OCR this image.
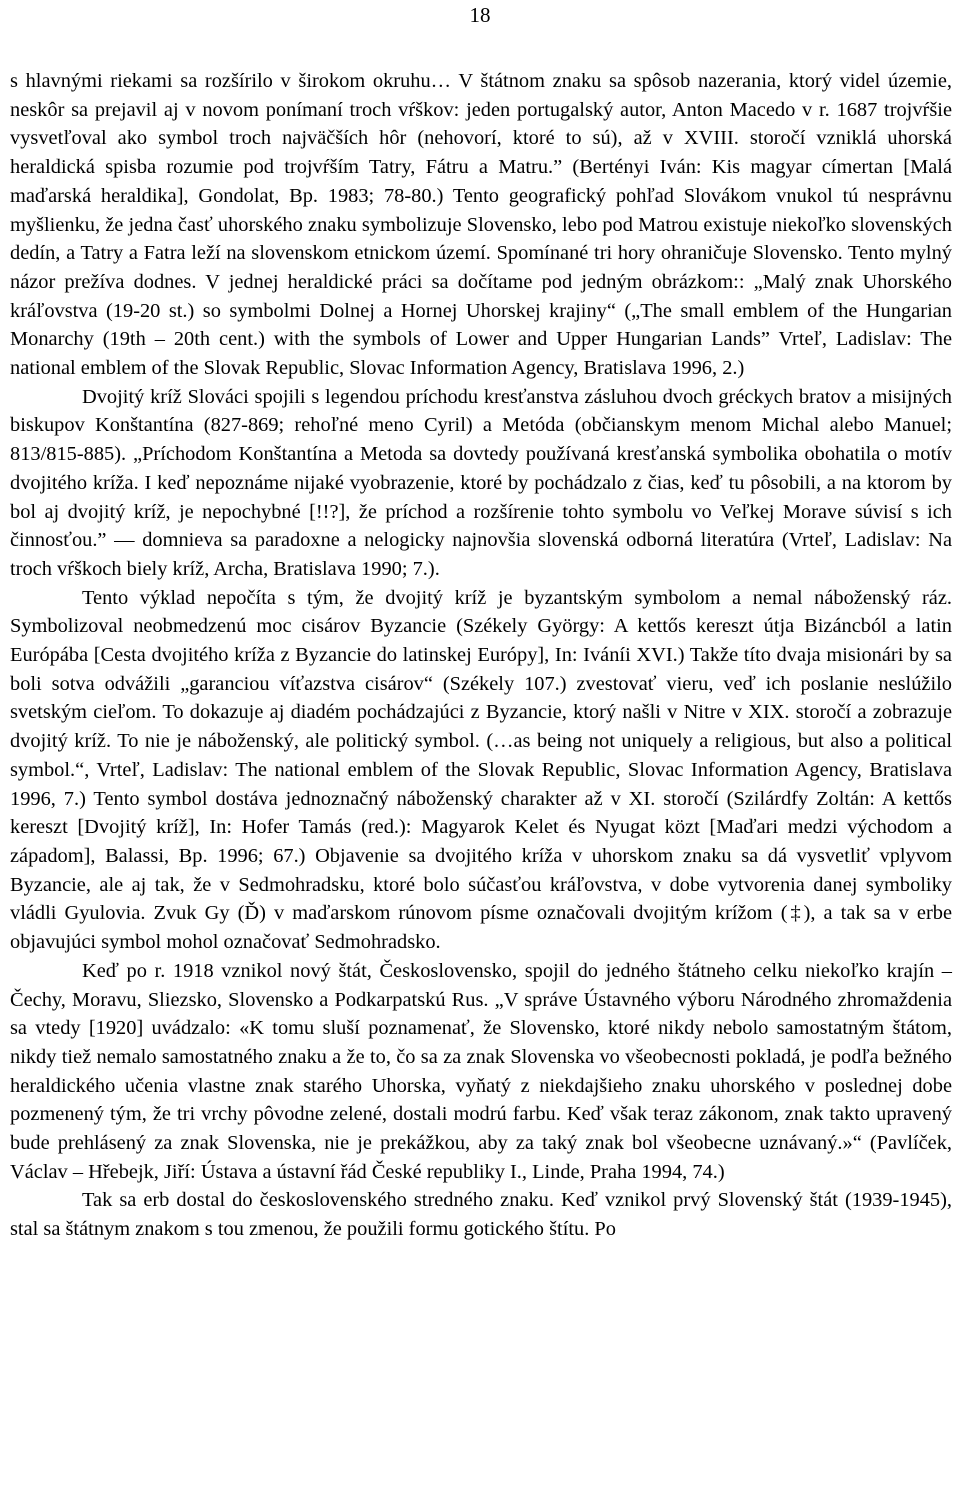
18

s hlavnými riekami sa rozšírilo v širokom okruhu… V štátnom znaku sa spôsob nazerania, ktorý videl územie, neskôr sa prejavil aj v novom ponímaní troch vŕškov: jeden portugalský autor, Anton Macedo v r. 1687 trojvŕšie vysvetľoval ako symbol troch najväčších hôr (nehovorí, ktoré to sú), až v XVIII. storočí vzniklá uhorská heraldická spisba rozumie pod trojvŕším Tatry, Fátru a Matru.” (Bertényi Iván: Kis magyar címertan [Malá maďarská heraldika], Gondolat, Bp. 1983; 78-80.) Tento geografický pohľad Slovákom vnukol tú nesprávnu myšlienku, že jedna časť uhorského znaku symbolizuje Slovensko, lebo pod Matrou existuje niekoľko slovenských dedín, a Tatry a Fatra leží na slovenskom etnickom území. Spomínané tri hory ohraničuje Slovensko. Tento mylný názor prežíva dodnes. V jednej heraldické práci sa dočítame pod jedným obrázkom:: „Malý znak Uhorského kráľovstva (19-20 st.) so symbolmi Dolnej a Hornej Uhorskej krajiny“ („The small emblem of the Hungarian Monarchy (19th – 20th cent.) with the symbols of Lower and Upper Hungarian Lands” Vrteľ, Ladislav: The national emblem of the Slovak Republic, Slovac Information Agency, Bratislava 1996, 2.)

Dvojitý kríž Slováci spojili s legendou príchodu kresťanstva zásluhou dvoch gréckych bratov a misijných biskupov Konštantína (827-869; rehoľné meno Cyril) a Metóda (občianskym menom Michal alebo Manuel; 813/815-885). „Príchodom Konštantína a Metoda sa dovtedy používaná kresťanská symbolika obohatila o motív dvojitého kríža. I keď nepoznáme nijaké vyobrazenie, ktoré by pochádzalo z čias, keď tu pôsobili, a na ktorom by bol aj dvojitý kríž, je nepochybné [!!?], že príchod a rozšírenie tohto symbolu vo Veľkej Morave súvisí s ich činnosťou.” — domnieva sa paradoxne a nelogicky najnovšia slovenská odborná literatúra (Vrteľ, Ladislav: Na troch vŕškoch biely kríž, Archa, Bratislava 1990; 7.).

Tento výklad nepočíta s tým, že dvojitý kríž je byzantským symbolom a nemal náboženský ráz. Symbolizoval neobmedzenú moc cisárov Byzancie (Székely György: A kettős kereszt útja Bizáncból a latin Európába [Cesta dvojitého kríža z Byzancie do latinskej Európy], In: Iváníi XVI.) Takže títo dvaja misionári by sa boli sotva odvážili „garanciou víťazstva cisárov“ (Székely 107.) zvestovať vieru, veď ich poslanie neslúžilo svetským cieľom. To dokazuje aj diadém pochádzajúci z Byzancie, ktorý našli v Nitre v XIX. storočí a zobrazuje dvojitý kríž. To nie je náboženský, ale politický symbol. (…as being not uniquely a religious, but also a political symbol.“, Vrteľ, Ladislav: The national emblem of the Slovak Republic, Slovac Information Agency, Bratislava 1996, 7.) Tento symbol dostáva jednoznačný náboženský charakter až v XI. storočí (Szilárdfy Zoltán: A kettős kereszt [Dvojitý kríž], In: Hofer Tamás (red.): Magyarok Kelet és Nyugat közt [Maďari medzi východom a západom], Balassi, Bp. 1996; 67.) Objavenie sa dvojitého kríža v uhorskom znaku sa dá vysvetliť vplyvom Byzancie, ale aj tak, že v Sedmohradsku, ktoré bolo súčasťou kráľovstva, v dobe vytvorenia danej symboliky vládli Gyulovia. Zvuk Gy (Ď) v maďarskom rúnovom písme označovali dvojitým krížom (‡), a tak sa v erbe objavujúci symbol mohol označovať Sedmohradsko.

Keď po r. 1918 vznikol nový štát, Československo, spojil do jedného štátneho celku niekoľko krajín – Čechy, Moravu, Sliezsko, Slovensko a Podkarpatskú Rus. „V správe Ústavného výboru Národného zhromaždenia sa vtedy [1920] uvádzalo: «K tomu sluší poznamenať, že Slovensko, ktoré nikdy nebolo samostatným štátom, nikdy tiež nemalo samostatného znaku a že to, čo sa za znak Slovenska vo všeobecnosti pokladá, je podľa bežného heraldického učenia vlastne znak starého Uhorska, vyňatý z niekdajšieho znaku uhorského v poslednej dobe pozmenený tým, že tri vrchy pôvodne zelené, dostali modrú farbu. Keď však teraz zákonom, znak takto upravený bude prehlásený za znak Slovenska, nie je prekážkou, aby za taký znak bol všeobecne uznávaný.»“ (Pavlíček, Václav – Hřebejk, Jiří: Ústava a ústavní řád České republiky I., Linde, Praha 1994, 74.)

Tak sa erb dostal do československého stredného znaku. Keď vznikol prvý Slovenský štát (1939-1945), stal sa štátnym znakom s tou zmenou, že použili formu gotického štítu. Po
